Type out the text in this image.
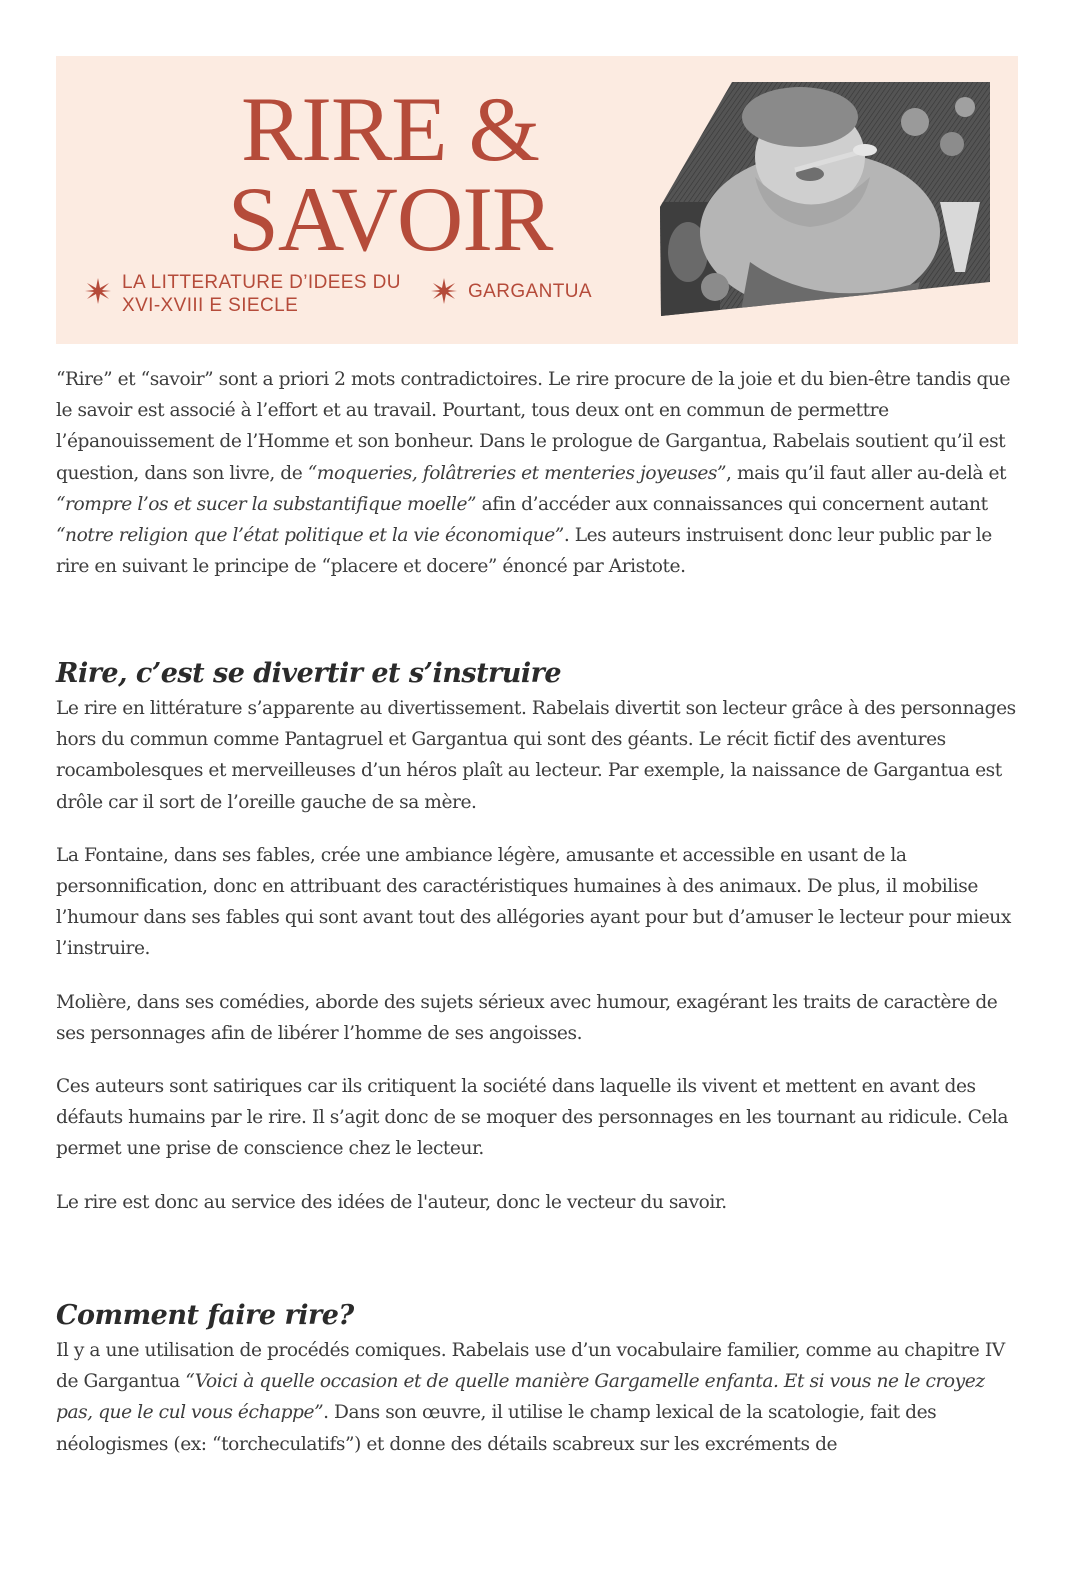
RIRE &
SAVOIR
LA LITTERATURE D’IDEES DU XVI-XVIII E SIECLE
GARGANTUA

“Rire” et “savoir” sont a priori 2 mots contradictoires. Le rire procure de la joie et du bien-être tandis que le savoir est associé à l’effort et au travail. Pourtant, tous deux ont en commun de permettre l’épanouissement de l’Homme et son bonheur. Dans le prologue de Gargantua, Rabelais soutient qu’il est question, dans son livre, de “moqueries, folâtreries et menteries joyeuses”, mais qu’il faut aller au-delà et “rompre l’os et sucer la substantifique moelle” afin d’accéder aux connaissances qui concernent autant “notre religion que l’état politique et la vie économique”. Les auteurs instruisent donc leur public par le rire en suivant le principe de “placere et docere” énoncé par Aristote.

Rire, c’est se divertir et s’instruire

Le rire en littérature s’apparente au divertissement. Rabelais divertit son lecteur grâce à des personnages hors du commun comme Pantagruel et Gargantua qui sont des géants. Le récit fictif des aventures rocambolesques et merveilleuses d’un héros plaît au lecteur. Par exemple, la naissance de Gargantua est drôle car il sort de l’oreille gauche de sa mère.

La Fontaine, dans ses fables, crée une ambiance légère, amusante et accessible en usant de la personnification, donc en attribuant des caractéristiques humaines à des animaux. De plus, il mobilise l’humour dans ses fables qui sont avant tout des allégories ayant pour but d’amuser le lecteur pour mieux l’instruire.

Molière, dans ses comédies, aborde des sujets sérieux avec humour, exagérant les traits de caractère de ses personnages afin de libérer l’homme de ses angoisses.

Ces auteurs sont satiriques car ils critiquent la société dans laquelle ils vivent et mettent en avant des défauts humains par le rire. Il s’agit donc de se moquer des personnages en les tournant au ridicule. Cela permet une prise de conscience chez le lecteur.

Le rire est donc au service des idées de l'auteur, donc le vecteur du savoir.

Comment faire rire?

Il y a une utilisation de procédés comiques. Rabelais use d’un vocabulaire familier, comme au chapitre IV de Gargantua “Voici à quelle occasion et de quelle manière Gargamelle enfanta. Et si vous ne le croyez pas, que le cul vous échappe”. Dans son œuvre, il utilise le champ lexical de la scatologie, fait des néologismes (ex: “torcheculatifs”) et donne des détails scabreux sur les excréments de
